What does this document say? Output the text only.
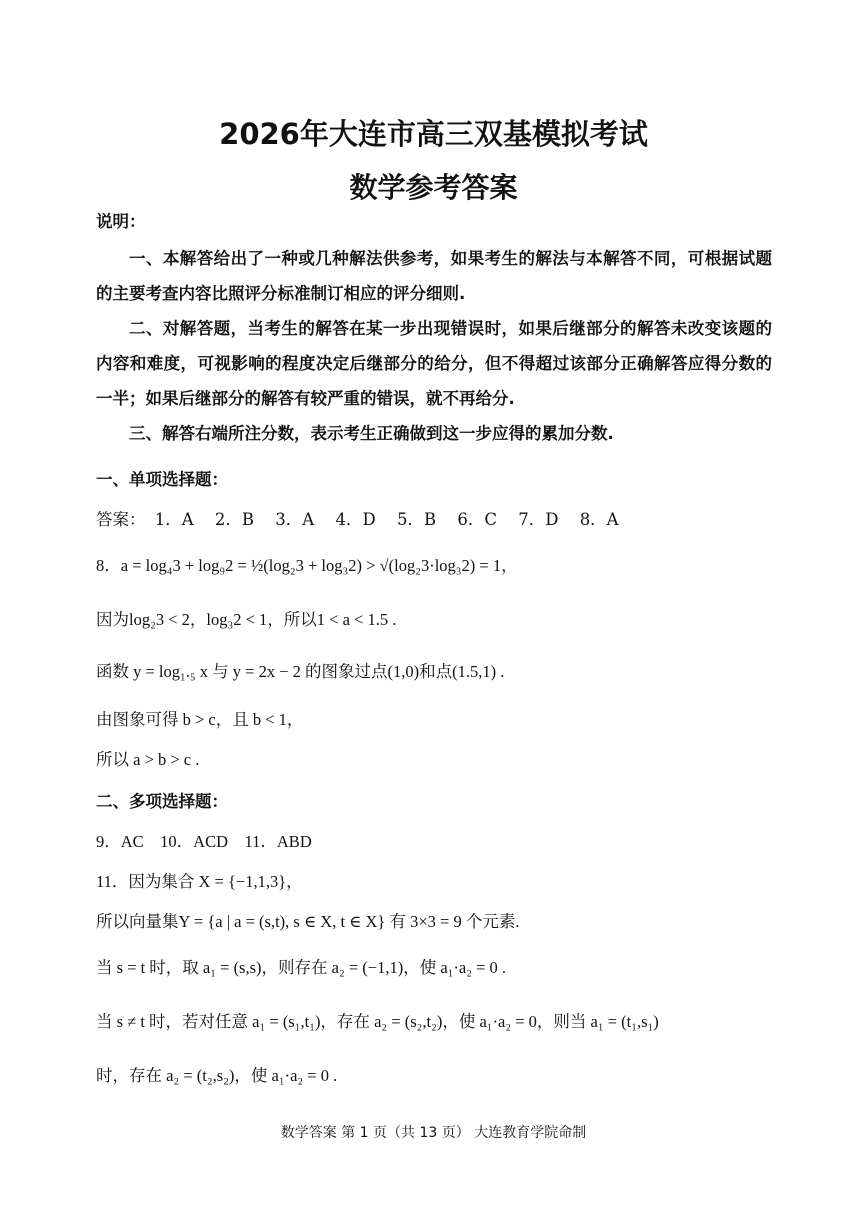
2026年大连市高三双基模拟考试
数学参考答案
说明：
一、本解答给出了一种或几种解法供参考，如果考生的解法与本解答不同，可根据试题的主要考查内容比照评分标准制订相应的评分细则.
二、对解答题，当考生的解答在某一步出现错误时，如果后继部分的解答未改变该题的内容和难度，可视影响的程度决定后继部分的给分，但不得超过该部分正确解答应得分数的一半；如果后继部分的解答有较严重的错误，就不再给分.
三、解答右端所注分数，表示考生正确做到这一步应得的累加分数.
一、单项选择题：
答案： 1．A 2．B 3．A 4．D 5．B 6．C 7．D 8．A
8．a = log₄3 + log₉2 = ½(log₂3 + log₃2) > √(log₂3·log₃2) = 1，
因为log₂3 < 2，log₃2 < 1，所以1 < a < 1.5 .
函数 y = log₁.₅ x 与 y = 2x − 2 的图象过点(1,0)和点(1.5,1) .
由图象可得 b > c，且 b < 1，
所以 a > b > c .
二、多项选择题：
9．AC　10．ACD　11．ABD
11．因为集合 X = {−1,1,3}，
所以向量集Y = {a | a = (s,t), s ∈ X, t ∈ X} 有 3×3 = 9 个元素.
当 s = t 时，取 a₁ = (s,s)，则存在 a₂ = (−1,1)，使 a₁·a₂ = 0 .
当 s ≠ t 时，若对任意 a₁ = (s₁,t₁)，存在 a₂ = (s₂,t₂)，使 a₁·a₂ = 0，则当 a₁ = (t₁,s₁)
时，存在 a₂ = (t₂,s₂)，使 a₁·a₂ = 0 .
数学答案 第 1 页（共 13 页） 大连教育学院命制
